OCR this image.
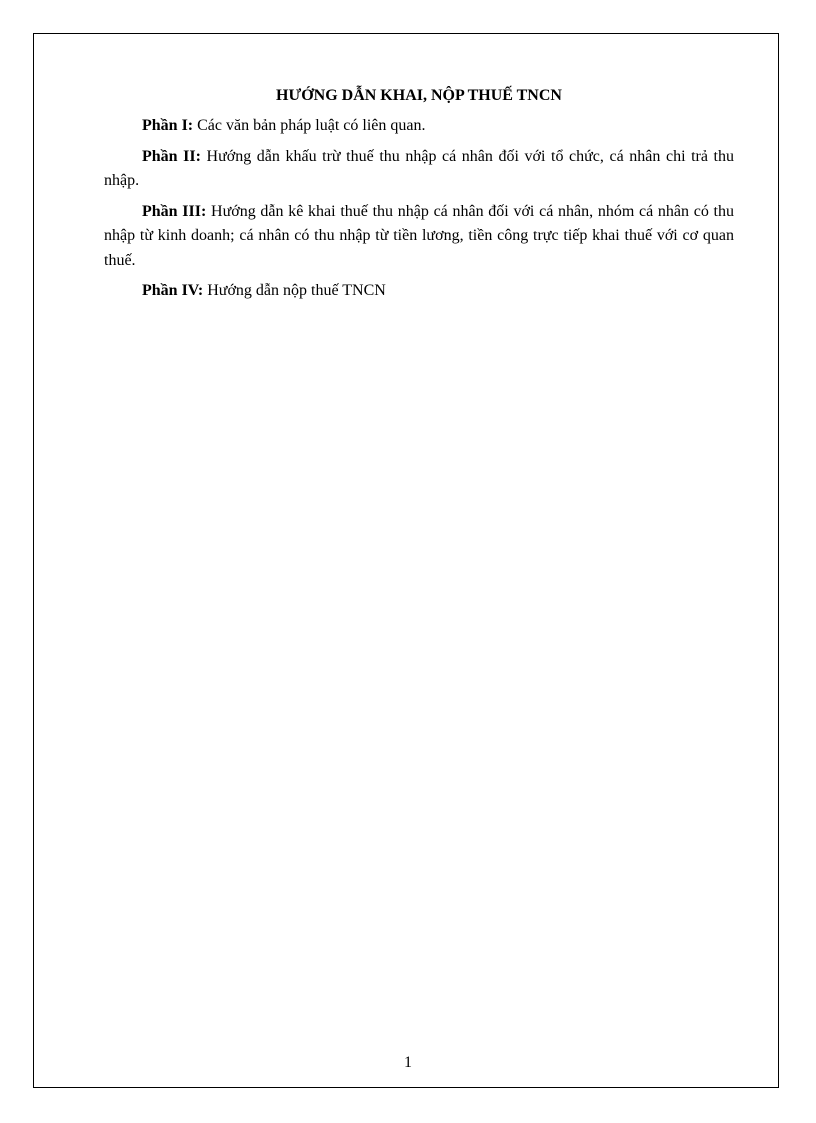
HƯỚNG DẪN KHAI, NỘP THUẾ TNCN

Phần I: Các văn bản pháp luật có liên quan.

Phần II: Hướng dẫn khấu trừ thuế thu nhập cá nhân đối với tổ chức, cá nhân chi trả thu nhập.

Phần III: Hướng dẫn kê khai thuế thu nhập cá nhân đối với cá nhân, nhóm cá nhân có thu nhập từ kinh doanh; cá nhân có thu nhập từ tiền lương, tiền công trực tiếp khai thuế với cơ quan thuế.

Phần IV: Hướng dẫn nộp thuế TNCN

1
